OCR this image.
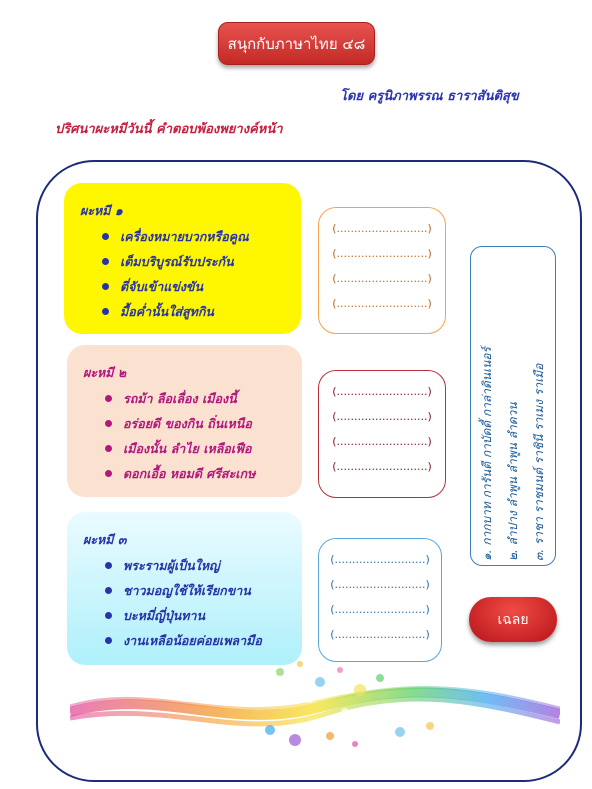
สนุกกับภาษาไทย ๔๘
โดย ครูนิภาพรรณ ธาราสันติสุข
ปริศนาผะหมีวันนี้ คำตอบพ้องพยางค์หน้า
ผะหมี ๑
เครื่องหมายบวกหรือคูณ
เต็มบริบูรณ์รับประกัน
ตี่จับเข้าแข่งขัน
มื้อค่ำนั้นใส่สูทกิน
ผะหมี ๒
รถม้า ลือเลื่อง เมืองนี้
อร่อยดี ของกิน ถิ่นเหนือ
เมืองนั้น ลำไย เหลือเฟือ
ดอกเอื้อ หอมดี ศรีสะเกษ
ผะหมี ๓
พระรามผู้เป็นใหญ่
ชาวมอญใช้ให้เรียกขาน
บะหมี่ญี่ปุ่นทาน
งานเหลือน้อยค่อยเพลามือ
(..........................)
(..........................)
(..........................)
(..........................)
(..........................)
(..........................)
(..........................)
(..........................)
(..........................)
(..........................)
(..........................)
(..........................)
๑. กากบาท การันตี กาบัดดี้ กาล่าดินเนอร์	๒. ลำปาง ลำพูน ลำพูน ลำดวน	๓. ราชา ราชมนต์ ราชินี ราเมง ราเมือ
เฉลย
